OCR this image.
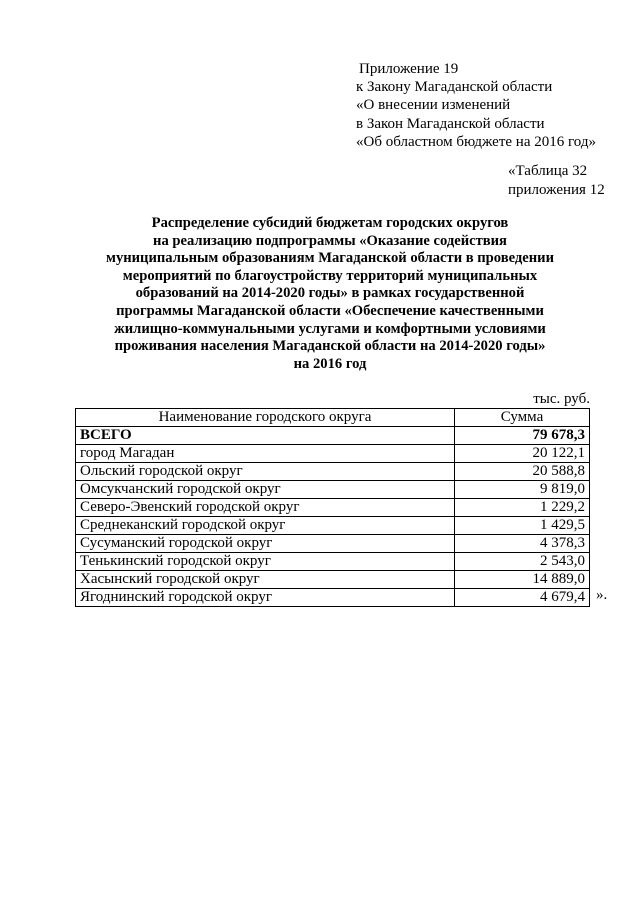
Приложение 19
к Закону Магаданской области
«О внесении изменений
в Закон Магаданской области
«Об областном бюджете на 2016 год»
«Таблица 32
приложения 12
Распределение субсидий бюджетам городских округов
на реализацию подпрограммы «Оказание содействия
муниципальным образованиям Магаданской области в проведении
мероприятий по благоустройству территорий муниципальных
образований на 2014-2020 годы» в рамках государственной
программы Магаданской области «Обеспечение качественными
жилищно-коммунальными услугами и комфортными условиями
проживания населения Магаданской области на 2014-2020 годы»
на 2016 год
тыс. руб.
Наименование городского округа	Сумма
ВСЕГО	79 678,3
город Магадан	20 122,1
Ольский городской округ	20 588,8
Омсукчанский городской округ	9 819,0
Северо-Эвенский городской округ	1 229,2
Среднеканский городской округ	1 429,5
Сусуманский городской округ	4 378,3
Тенькинский городской округ	2 543,0
Хасынский городской округ	14 889,0
Ягоднинский городской округ	4 679,4 ».
